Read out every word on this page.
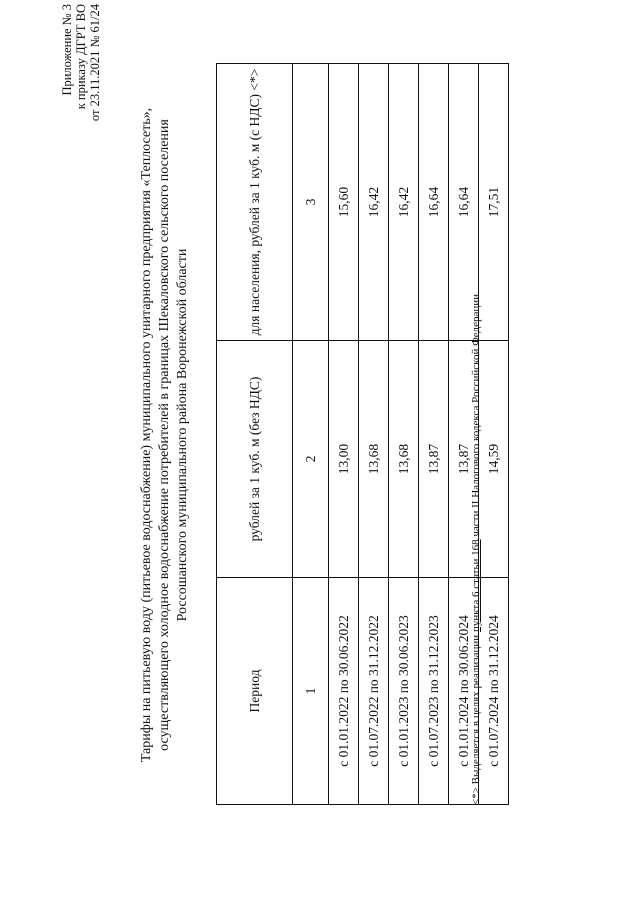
Приложение № 3 к приказу ДГРТ ВО от 23.11.2021 № 61/24
Тарифы на питьевую воду (питьевое водоснабжение) муниципального унитарного предприятия «Теплосеть», осуществляющего холодное водоснабжение потребителей в границах Шекаловского сельского поселения Россошанского муниципального района Воронежской области
Период	рублей за 1 куб. м (без НДС)	для населения, рублей за 1 куб. м (с НДС) <*>
1	2	3
с 01.01.2022 по 30.06.2022	13,00	15,60
с 01.07.2022 по 31.12.2022	13,68	16,42
с 01.01.2023 по 30.06.2023	13,68	16,42
с 01.07.2023 по 31.12.2023	13,87	16,64
с 01.01.2024 по 30.06.2024	13,87	16,64
с 01.07.2024 по 31.12.2024	14,59	17,51
<*> Выделяется в целях реализации пункта 6 статьи 168 части II Налогового кодекса Российской Федерации.
